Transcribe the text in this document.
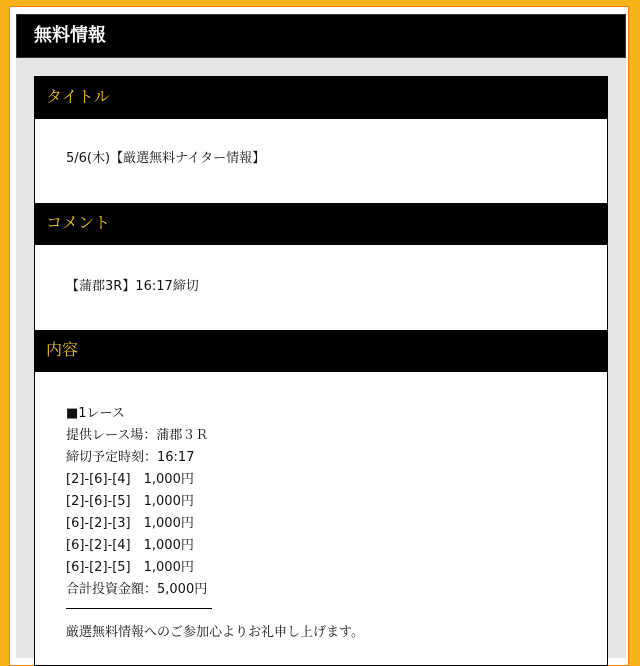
無料情報
タイトル
5/6(木)【厳選無料ナイター情報】
コメント
【蒲郡3R】16:17締切
内容
■1レース
提供レース場：蒲郡３Ｒ
締切予定時刻：16:17
[2]-[6]-[4]　1,000円
[2]-[6]-[5]　1,000円
[6]-[2]-[3]　1,000円
[6]-[2]-[4]　1,000円
[6]-[2]-[5]　1,000円
合計投資金額：5,000円
厳選無料情報へのご参加心よりお礼申し上げます。
